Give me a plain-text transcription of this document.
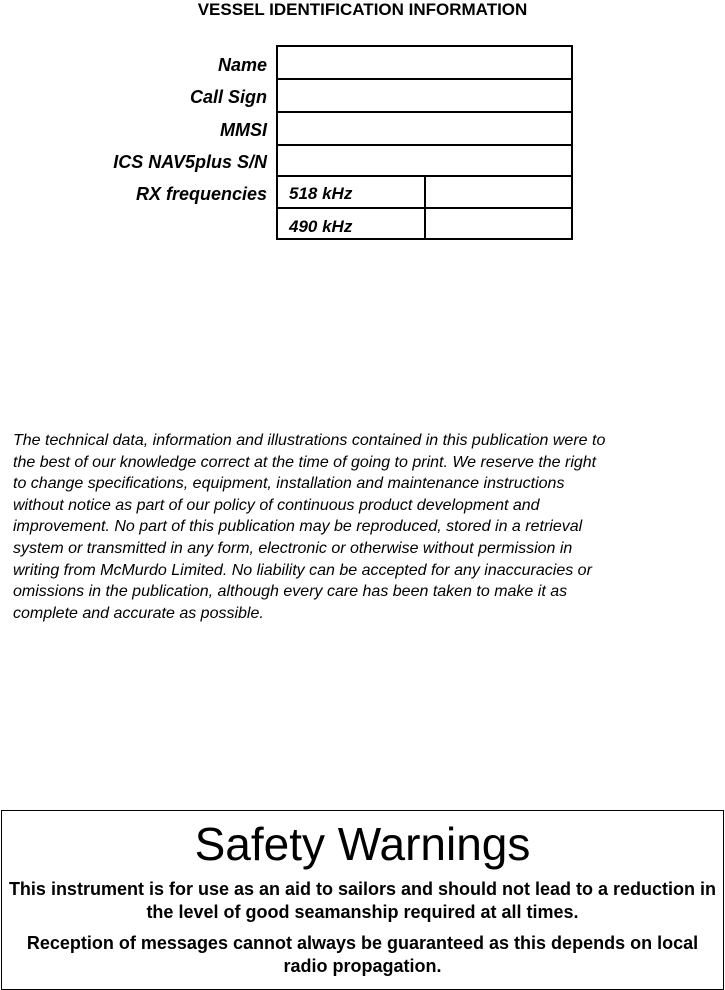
VESSEL IDENTIFICATION INFORMATION
Name
Call Sign
MMSI
ICS NAV5plus S/N
RX frequencies 518 kHz
490 kHz
The technical data, information and illustrations contained in this publication were to
the best of our knowledge correct at the time of going to print. We reserve the right
to change specifications, equipment, installation and maintenance instructions
without notice as part of our policy of continuous product development and
improvement. No part of this publication may be reproduced, stored in a retrieval
system or transmitted in any form, electronic or otherwise without permission in
writing from McMurdo Limited. No liability can be accepted for any inaccuracies or
omissions in the publication, although every care has been taken to make it as
complete and accurate as possible.
Safety Warnings
This instrument is for use as an aid to sailors and should not lead to a reduction in the level of good seamanship required at all times.
Reception of messages cannot always be guaranteed as this depends on local radio propagation.
